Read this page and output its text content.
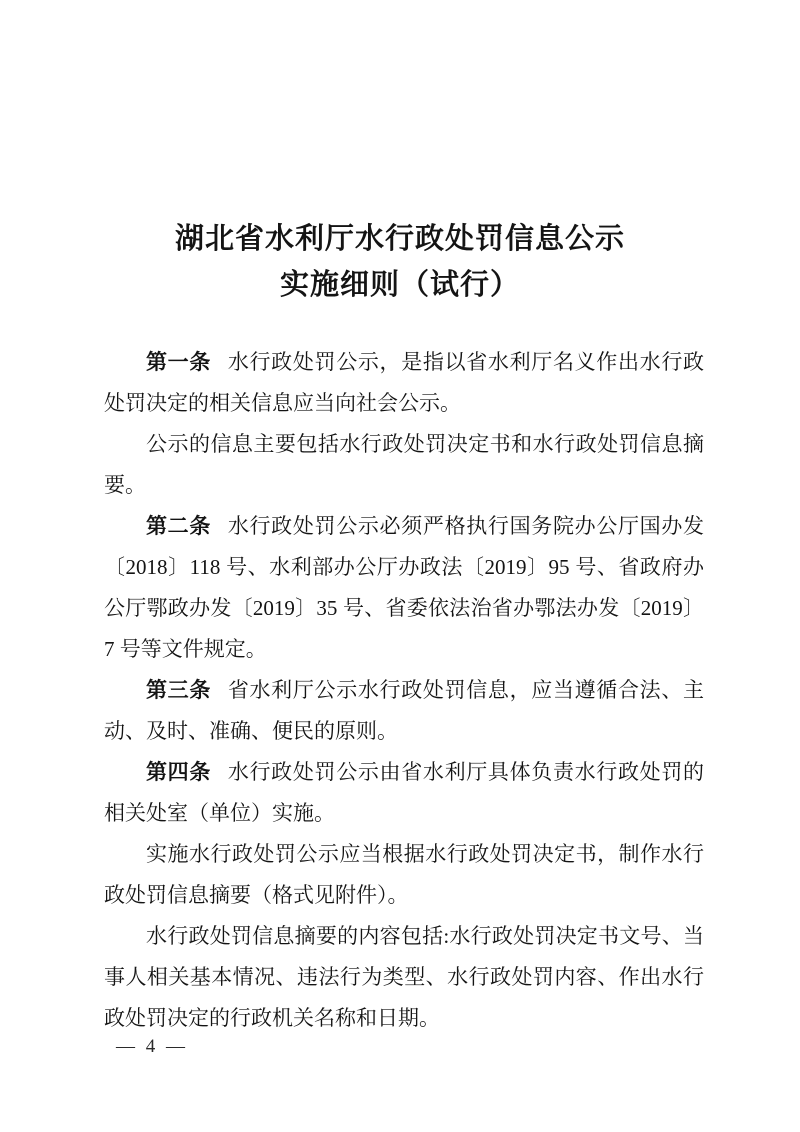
湖北省水利厅水行政处罚信息公示
实施细则（试行）

第一条 水行政处罚公示，是指以省水利厅名义作出水行政处罚决定的相关信息应当向社会公示。

公示的信息主要包括水行政处罚决定书和水行政处罚信息摘要。

第二条 水行政处罚公示必须严格执行国务院办公厅国办发〔2018〕118 号、水利部办公厅办政法〔2019〕95 号、省政府办公厅鄂政办发〔2019〕35 号、省委依法治省办鄂法办发〔2019〕7 号等文件规定。

第三条 省水利厅公示水行政处罚信息，应当遵循合法、主动、及时、准确、便民的原则。

第四条 水行政处罚公示由省水利厅具体负责水行政处罚的相关处室（单位）实施。

实施水行政处罚公示应当根据水行政处罚决定书，制作水行政处罚信息摘要（格式见附件）。

水行政处罚信息摘要的内容包括:水行政处罚决定书文号、当事人相关基本情况、违法行为类型、水行政处罚内容、作出水行政处罚决定的行政机关名称和日期。

— 4 —
